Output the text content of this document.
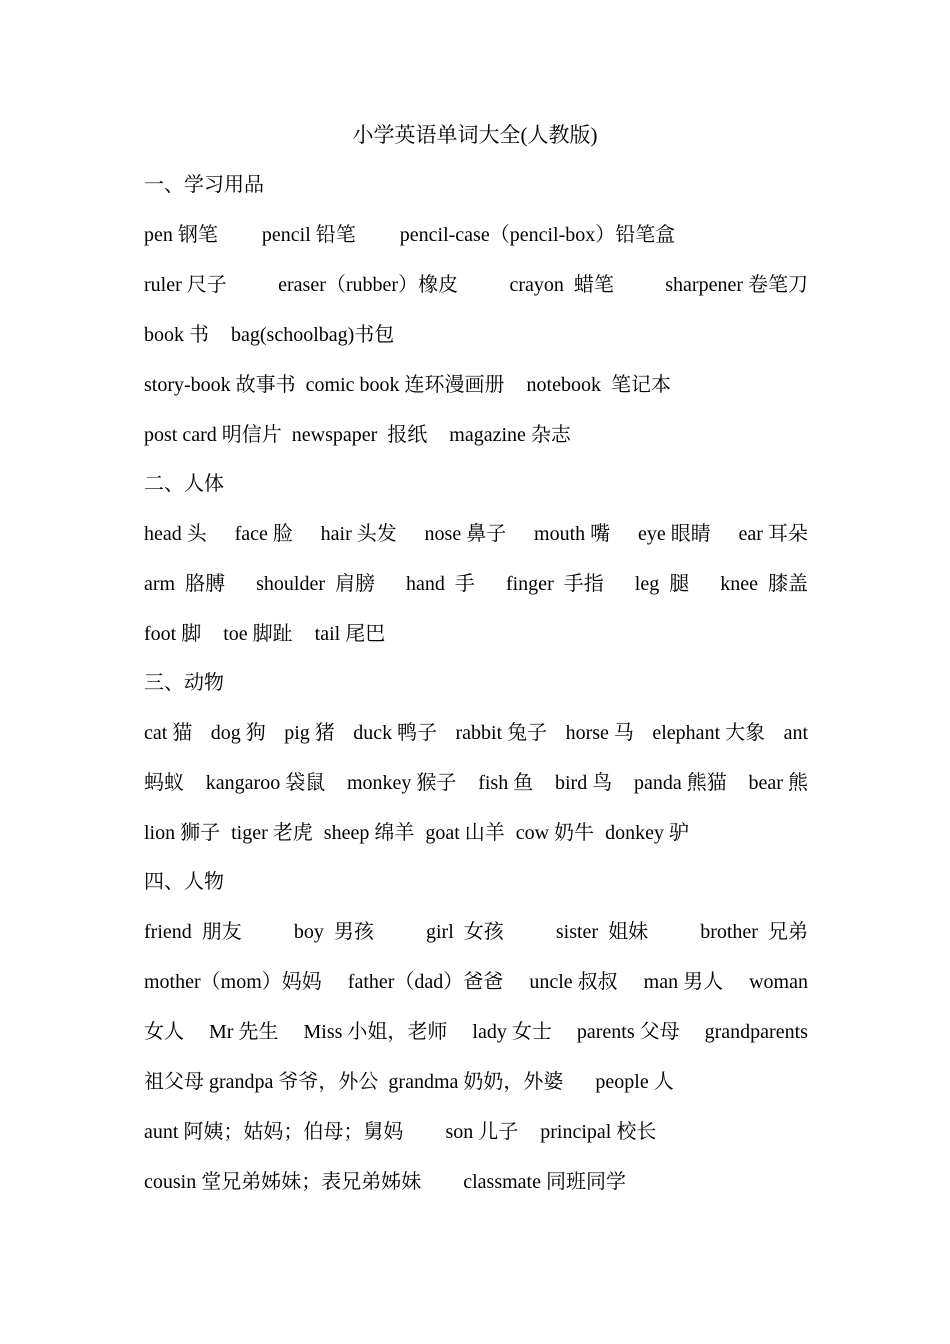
小学英语单词大全(人教版)
一、学习用品
pen 钢笔 pencil 铅笔 pencil-case（pencil-box）铅笔盒
ruler 尺子	eraser（rubber）橡皮	crayon  蜡笔	sharpener 卷笔刀
book 书 bag(schoolbag)书包
story-book 故事书 comic book 连环漫画册 notebook  笔记本
post card 明信片 newspaper  报纸 magazine 杂志
二、人体
head 头 face 脸 hair 头发 nose 鼻子 mouth 嘴 eye 眼睛 ear 耳朵
arm  胳膊 shoulder  肩膀 hand  手 finger  手指 leg  腿 knee  膝盖
foot 脚 toe 脚趾 tail 尾巴
三、动物
cat 猫 dog 狗 pig 猪 duck 鸭子 rabbit 兔子 horse 马 elephant 大象 ant
蚂蚁 kangaroo 袋鼠 monkey 猴子 fish 鱼 bird 鸟 panda 熊猫 bear 熊
lion 狮子 tiger 老虎 sheep 绵羊 goat 山羊 cow 奶牛 donkey 驴
四、人物
friend  朋友	boy  男孩	girl  女孩	sister  姐妹	brother  兄弟
mother（mom）妈妈 father（dad）爸爸 uncle 叔叔 man 男人 woman
女人 Mr 先生 Miss 小姐，老师 lady 女士 parents 父母 grandparents
祖父母 grandpa 爷爷，外公 grandma 奶奶，外婆 people 人
aunt 阿姨；姑妈；伯母；舅妈 son 儿子 principal 校长
cousin 堂兄弟姊妹；表兄弟姊妹 classmate 同班同学
